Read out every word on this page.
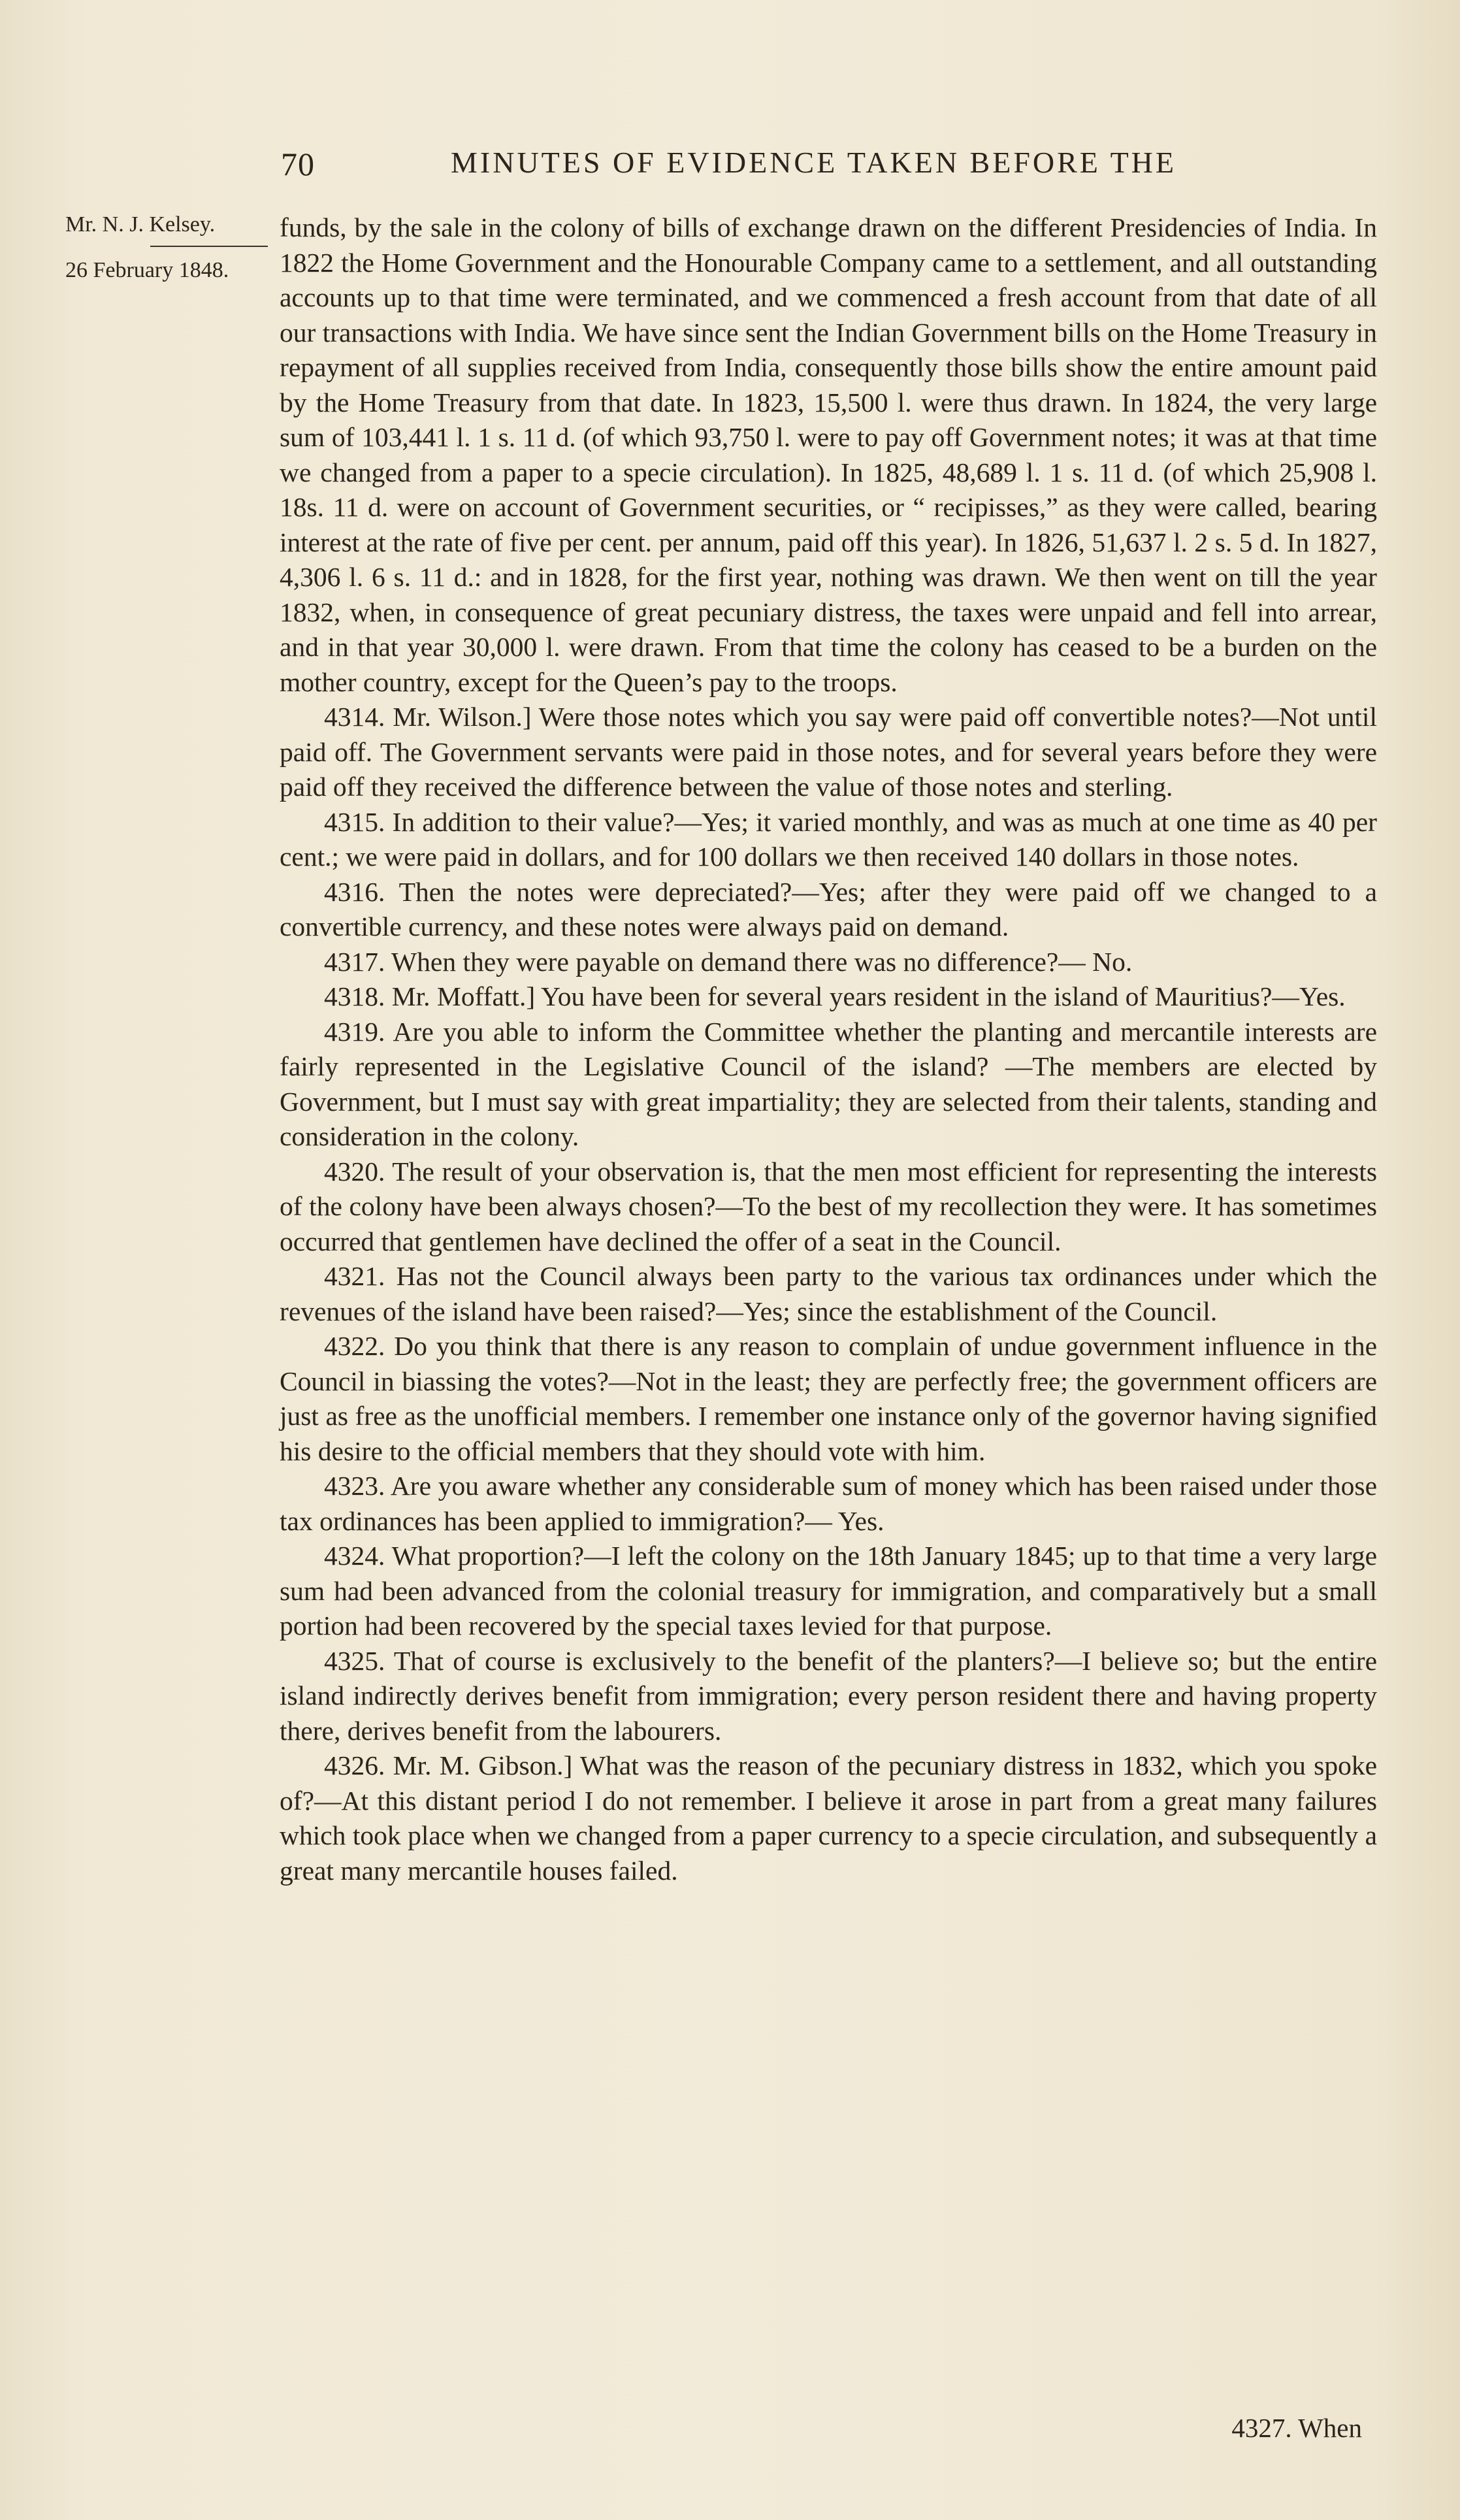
70	MINUTES OF EVIDENCE TAKEN BEFORE THE
Mr. N. J. Kelsey.
26 February 1848.

funds, by the sale in the colony of bills of exchange drawn on the different Presidencies of India. In 1822 the Home Government and the Honourable Company came to a settlement, and all outstanding accounts up to that time were terminated, and we commenced a fresh account from that date of all our transactions with India. We have since sent the Indian Government bills on the Home Treasury in repayment of all supplies received from India, consequently those bills show the entire amount paid by the Home Treasury from that date. In 1823, 15,500 l. were thus drawn. In 1824, the very large sum of 103,441 l. 1 s. 11 d. (of which 93,750 l. were to pay off Government notes; it was at that time we changed from a paper to a specie circulation). In 1825, 48,689 l. 1 s. 11 d. (of which 25,908 l. 18s. 11 d. were on account of Government securities, or “ recipisses,” as they were called, bearing interest at the rate of five per cent. per annum, paid off this year). In 1826, 51,637 l. 2 s. 5 d. In 1827, 4,306 l. 6 s. 11 d.: and in 1828, for the first year, nothing was drawn. We then went on till the year 1832, when, in consequence of great pecuniary distress, the taxes were unpaid and fell into arrear, and in that year 30,000 l. were drawn. From that time the colony has ceased to be a burden on the mother country, except for the Queen’s pay to the troops.

4314. Mr. Wilson.] Were those notes which you say were paid off convertible notes?—Not until paid off. The Government servants were paid in those notes, and for several years before they were paid off they received the difference between the value of those notes and sterling.

4315. In addition to their value?—Yes; it varied monthly, and was as much at one time as 40 per cent.; we were paid in dollars, and for 100 dollars we then received 140 dollars in those notes.

4316. Then the notes were depreciated?—Yes; after they were paid off we changed to a convertible currency, and these notes were always paid on demand.

4317. When they were payable on demand there was no difference?— No.

4318. Mr. Moffatt.] You have been for several years resident in the island of Mauritius?—Yes.

4319. Are you able to inform the Committee whether the planting and mercantile interests are fairly represented in the Legislative Council of the island? —The members are elected by Government, but I must say with great impartiality; they are selected from their talents, standing and consideration in the colony.

4320. The result of your observation is, that the men most efficient for representing the interests of the colony have been always chosen?—To the best of my recollection they were. It has sometimes occurred that gentlemen have declined the offer of a seat in the Council.

4321. Has not the Council always been party to the various tax ordinances under which the revenues of the island have been raised?—Yes; since the establishment of the Council.

4322. Do you think that there is any reason to complain of undue government influence in the Council in biassing the votes?—Not in the least; they are perfectly free; the government officers are just as free as the unofficial members. I remember one instance only of the governor having signified his desire to the official members that they should vote with him.

4323. Are you aware whether any considerable sum of money which has been raised under those tax ordinances has been applied to immigration?— Yes.

4324. What proportion?—I left the colony on the 18th January 1845; up to that time a very large sum had been advanced from the colonial treasury for immigration, and comparatively but a small portion had been recovered by the special taxes levied for that purpose.

4325. That of course is exclusively to the benefit of the planters?—I believe so; but the entire island indirectly derives benefit from immigration; every person resident there and having property there, derives benefit from the labourers.

4326. Mr. M. Gibson.] What was the reason of the pecuniary distress in 1832, which you spoke of?—At this distant period I do not remember. I believe it arose in part from a great many failures which took place when we changed from a paper currency to a specie circulation, and subsequently a great many mercantile houses failed.

4327. When
